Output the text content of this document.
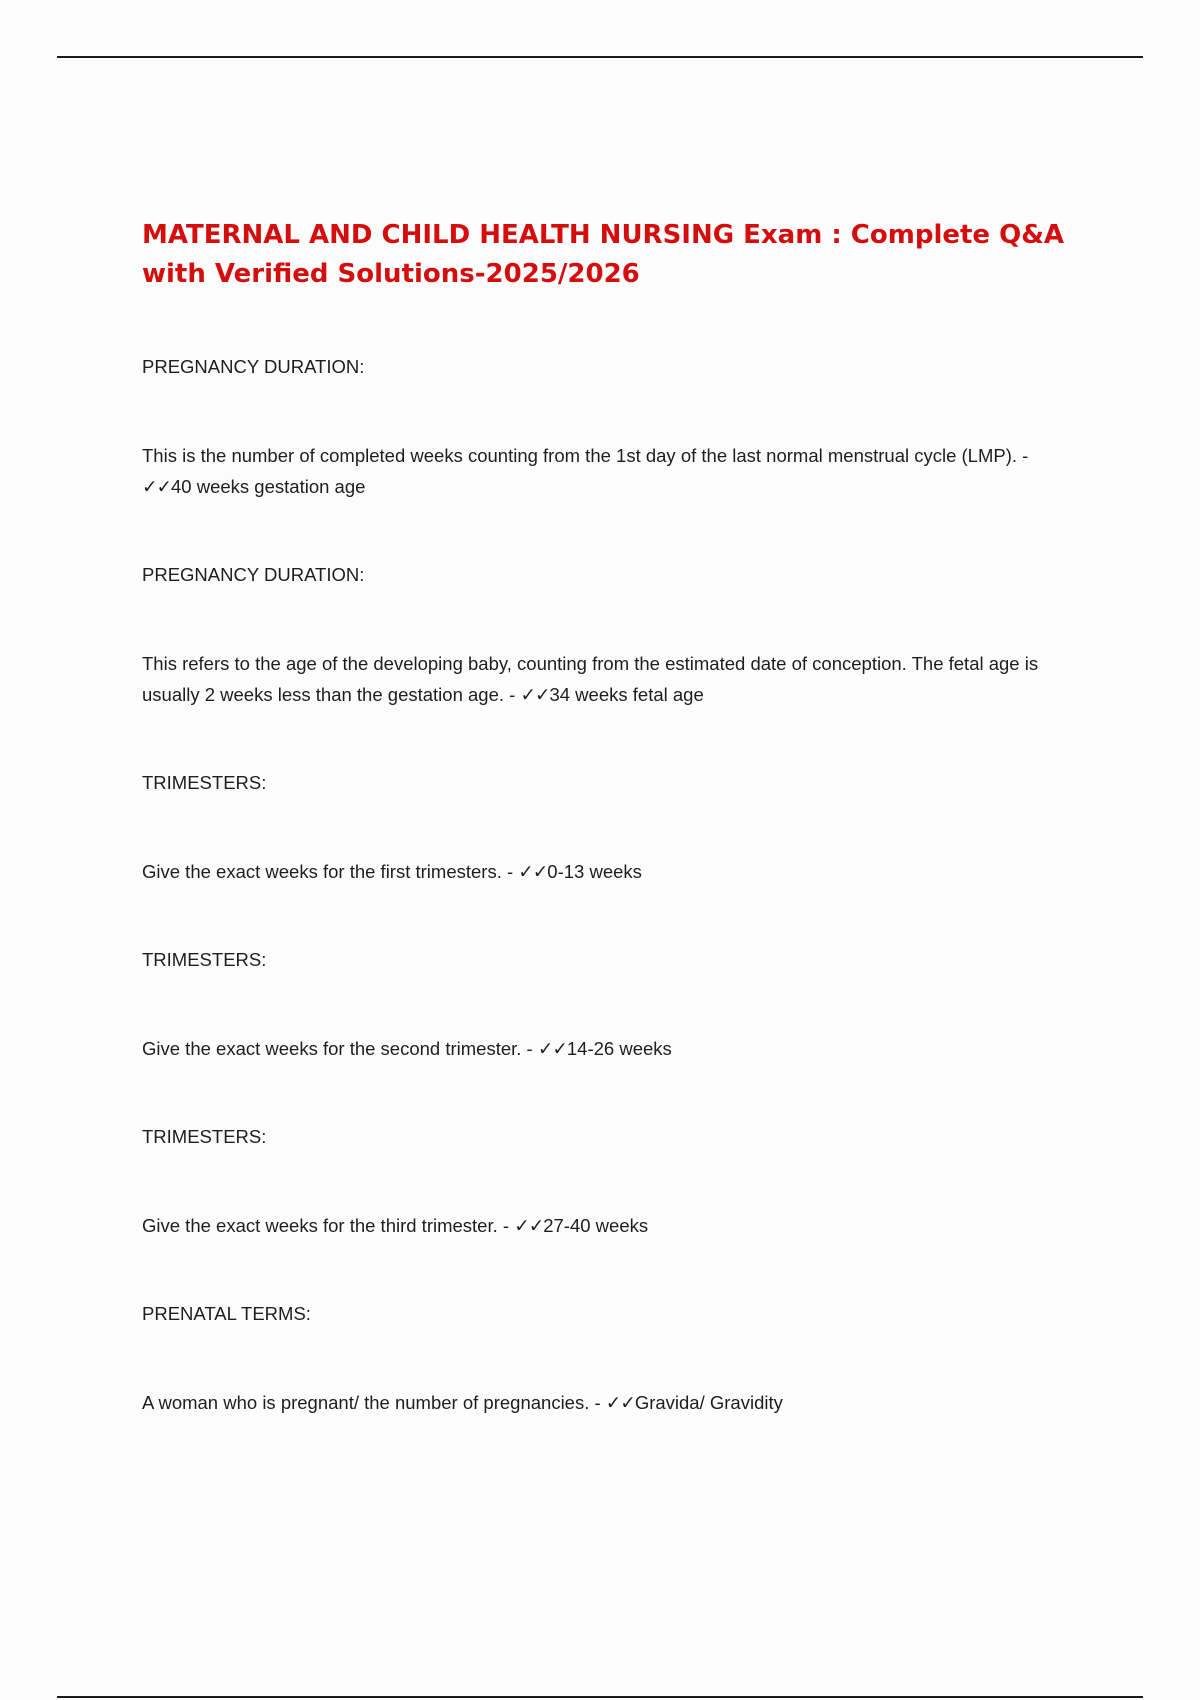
MATERNAL AND CHILD HEALTH NURSING Exam : Complete Q&A with Verified Solutions-2025/2026

PREGNANCY DURATION:

This is the number of completed weeks counting from the 1st day of the last normal menstrual cycle (LMP). - ✓✓40 weeks gestation age

PREGNANCY DURATION:

This refers to the age of the developing baby, counting from the estimated date of conception. The fetal age is usually 2 weeks less than the gestation age. - ✓✓34 weeks fetal age

TRIMESTERS:

Give the exact weeks for the first trimesters. - ✓✓0-13 weeks

TRIMESTERS:

Give the exact weeks for the second trimester. - ✓✓14-26 weeks

TRIMESTERS:

Give the exact weeks for the third trimester. - ✓✓27-40 weeks

PRENATAL TERMS:

A woman who is pregnant/ the number of pregnancies. - ✓✓Gravida/ Gravidity
